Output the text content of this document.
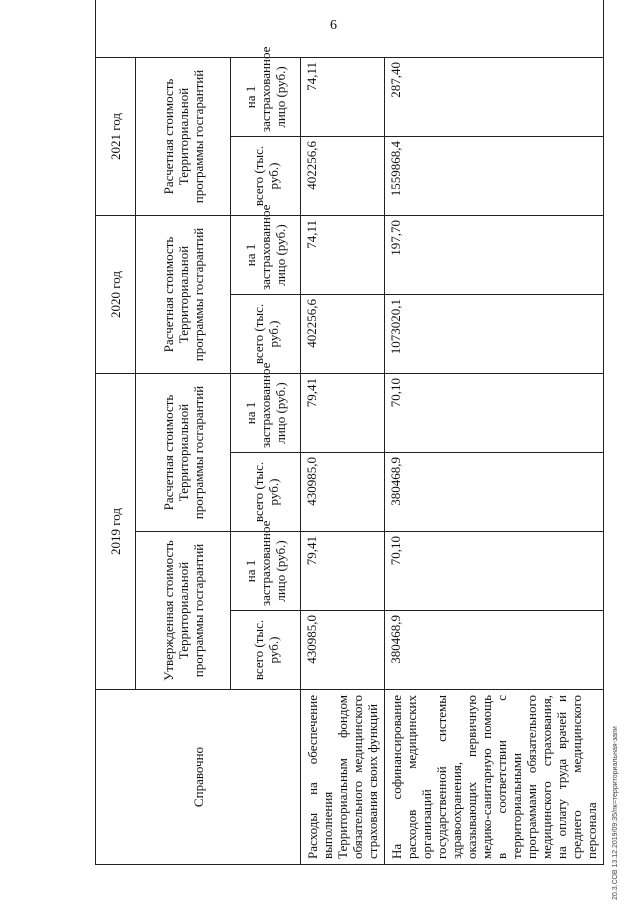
6
20.3.СОВ 13.12.2019/09:35/пк=территориальная-запи
Справочно	2019 год				2020 год		2021 год		
	Утвержденная стоимость Территориальной программы госгарантий		Расчетная стоимость Территориальной программы госгарантий		Расчетная стоимость Территориальной программы госгарантий		Расчетная стоимость Территориальной программы госгарантий		
	всего (тыс. руб.)	на 1 застрахованное лицо (руб.)	всего (тыс. руб.)	на 1 застрахованное лицо (руб.)	всего (тыс. руб.)	на 1 застрахованное лицо (руб.)	всего (тыс. руб.)	на 1 застрахованное лицо (руб.)	
Расходы на обеспечение выполнения Территориальным фондом обязательного медицинского страхования своих функций	430985,0	79,41	430985,0	79,41	402256,6	74,11	402256,6	74,11	
На софинансирование расходов медицинских организаций государственной системы здравоохранения, оказывающих первичную медико-санитарную помощь в соответствии с территориальными программами обязательного медицинского страхования, на оплату труда врачей и среднего медицинского персонала	380468,9	70,10	380468,9	70,10	1073020,1	197,70	1559868,4	287,40	
